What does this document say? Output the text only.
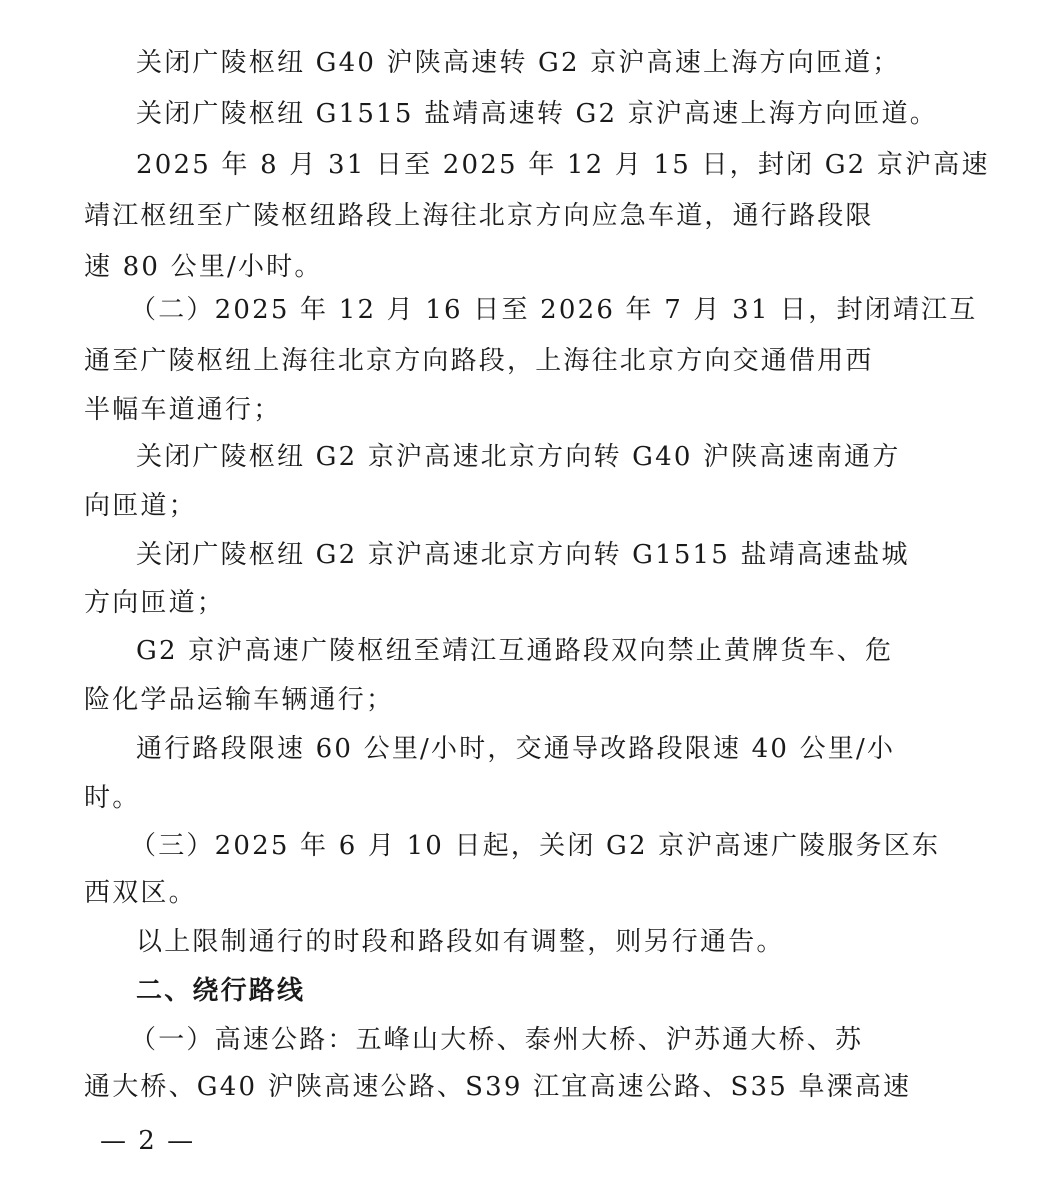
关闭广陵枢纽 G40 沪陕高速转 G2 京沪高速上海方向匝道；
关闭广陵枢纽 G1515 盐靖高速转 G2 京沪高速上海方向匝道。
2025 年 8 月 31 日至 2025 年 12 月 15 日，封闭 G2 京沪高速
靖江枢纽至广陵枢纽路段上海往北京方向应急车道，通行路段限
速 80 公里/小时。
（二）2025 年 12 月 16 日至 2026 年 7 月 31 日，封闭靖江互
通至广陵枢纽上海往北京方向路段，上海往北京方向交通借用西
半幅车道通行；
关闭广陵枢纽 G2 京沪高速北京方向转 G40 沪陕高速南通方
向匝道；
关闭广陵枢纽 G2 京沪高速北京方向转 G1515 盐靖高速盐城
方向匝道；
G2 京沪高速广陵枢纽至靖江互通路段双向禁止黄牌货车、危
险化学品运输车辆通行；
通行路段限速 60 公里/小时，交通导改路段限速 40 公里/小
时。
（三）2025 年 6 月 10 日起，关闭 G2 京沪高速广陵服务区东
西双区。
以上限制通行的时段和路段如有调整，则另行通告。
二、绕行路线
（一）高速公路：五峰山大桥、泰州大桥、沪苏通大桥、苏
通大桥、G40 沪陕高速公路、S39 江宜高速公路、S35 阜溧高速
— 2 —
